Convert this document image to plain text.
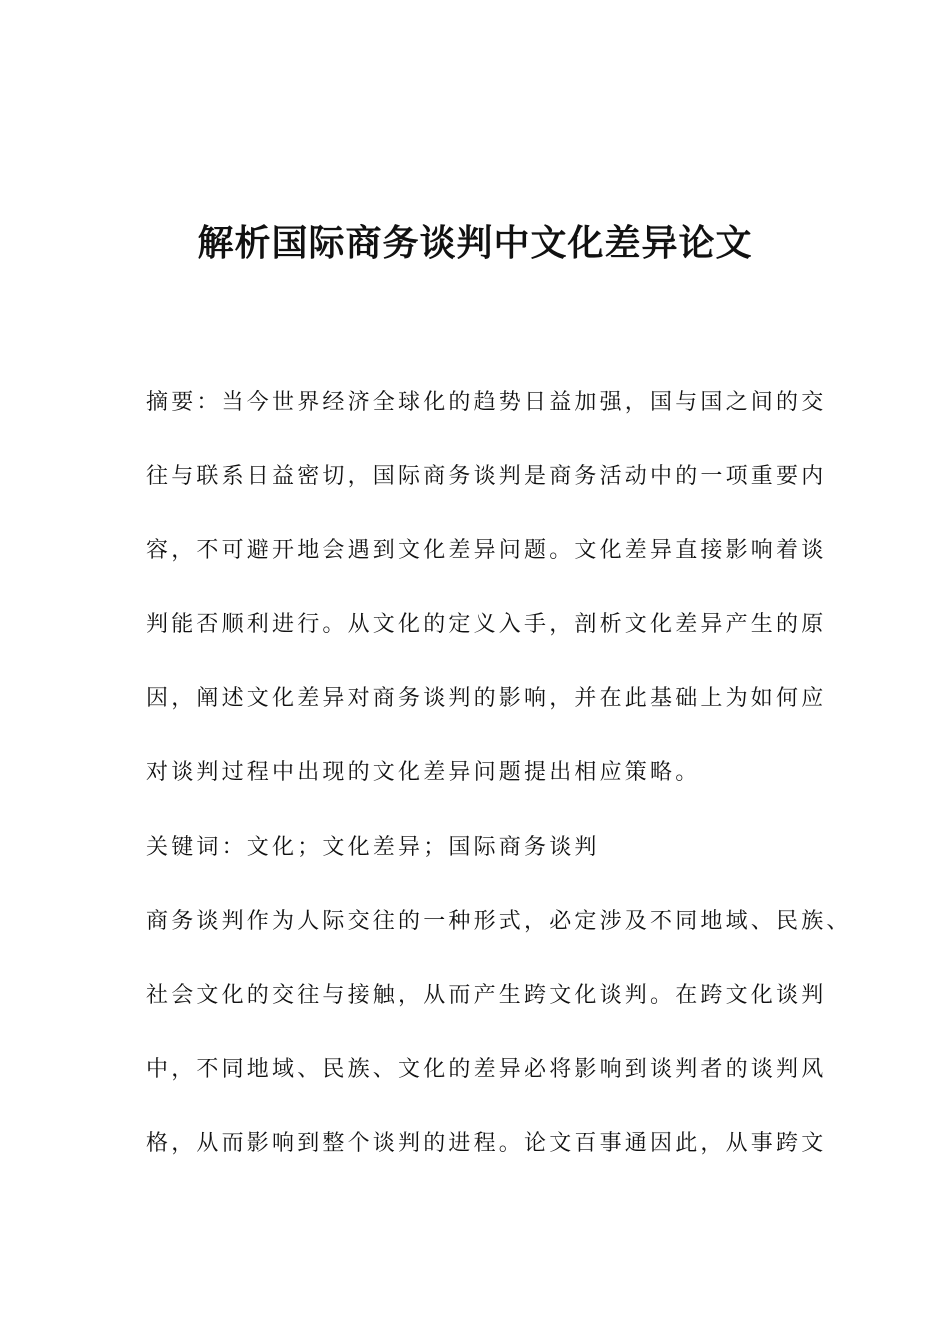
解析国际商务谈判中文化差异论文
摘要：当今世界经济全球化的趋势日益加强，国与国之间的交
往与联系日益密切，国际商务谈判是商务活动中的一项重要内
容，不可避开地会遇到文化差异问题。文化差异直接影响着谈
判能否顺利进行。从文化的定义入手，剖析文化差异产生的原
因，阐述文化差异对商务谈判的影响，并在此基础上为如何应
对谈判过程中出现的文化差异问题提出相应策略。
关键词：文化；文化差异；国际商务谈判
商务谈判作为人际交往的一种形式，必定涉及不同地域、民族、
社会文化的交往与接触，从而产生跨文化谈判。在跨文化谈判
中，不同地域、民族、文化的差异必将影响到谈判者的谈判风
格，从而影响到整个谈判的进程。论文百事通因此，从事跨文
